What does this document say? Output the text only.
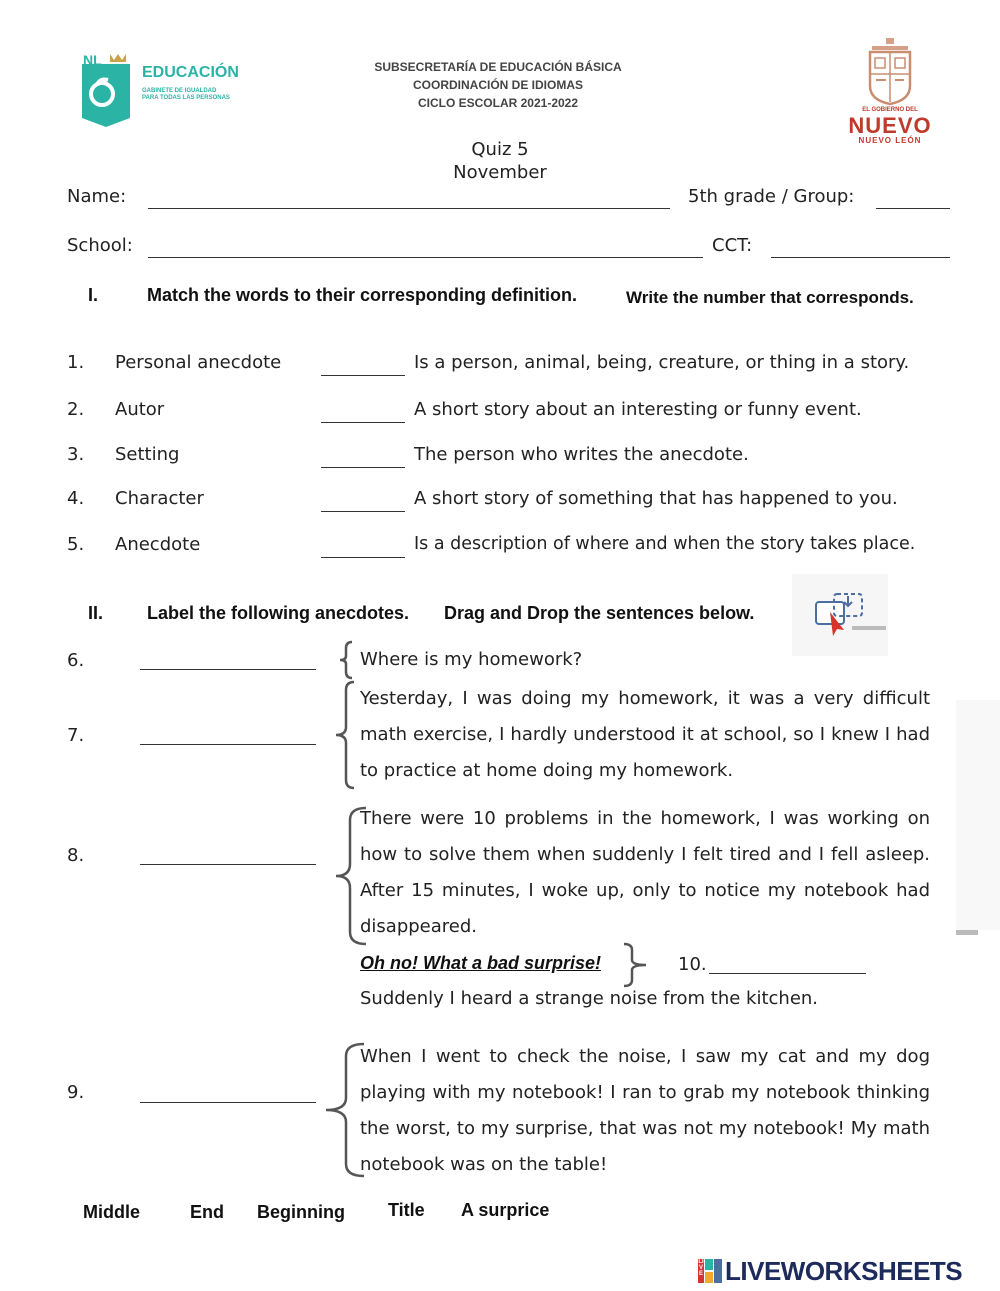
NL
EDUCACIÓN
GABINETE DE IGUALDAD
PARA TODAS LAS PERSONAS
SUBSECRETARÍA DE EDUCACIÓN BÁSICA
COORDINACIÓN DE IDIOMAS
CICLO ESCOLAR 2021-2022
Quiz 5
November
EL GOBIERNO DEL
NUEVO
NUEVO LEÓN
Name:	5th grade / Group:
School:	CCT:
I.	Match the words to their corresponding definition.	Write the number that corresponds.
1. Personal anecdote	Is a person, animal, being, creature, or thing in a story.
2. Autor	A short story about an interesting or funny event.
3. Setting	The person who writes the anecdote.
4. Character	A short story of something that has happened to you.
5. Anecdote	Is a description of where and when the story takes place.
II. Label the following anecdotes. Drag and Drop the sentences below.
6.	Where is my homework?
7.
Yesterday, I was doing my homework, it was a very difficult math exercise, I hardly understood it at school, so I knew I had to practice at home doing my homework.
8.
There were 10 problems in the homework, I was working on how to solve them when suddenly I felt tired and I fell asleep. After 15 minutes, I woke up, only to notice my notebook had disappeared.
Oh no! What a bad surprise!	10.
Suddenly I heard a strange noise from the kitchen.
9.
When I went to check the noise, I saw my cat and my dog playing with my notebook! I ran to grab my notebook thinking the worst, to my surprise, that was not my notebook! My math notebook was on the table!
Middle	End Beginning Title A surprice
LIVE LIVEWORKSHEETS
